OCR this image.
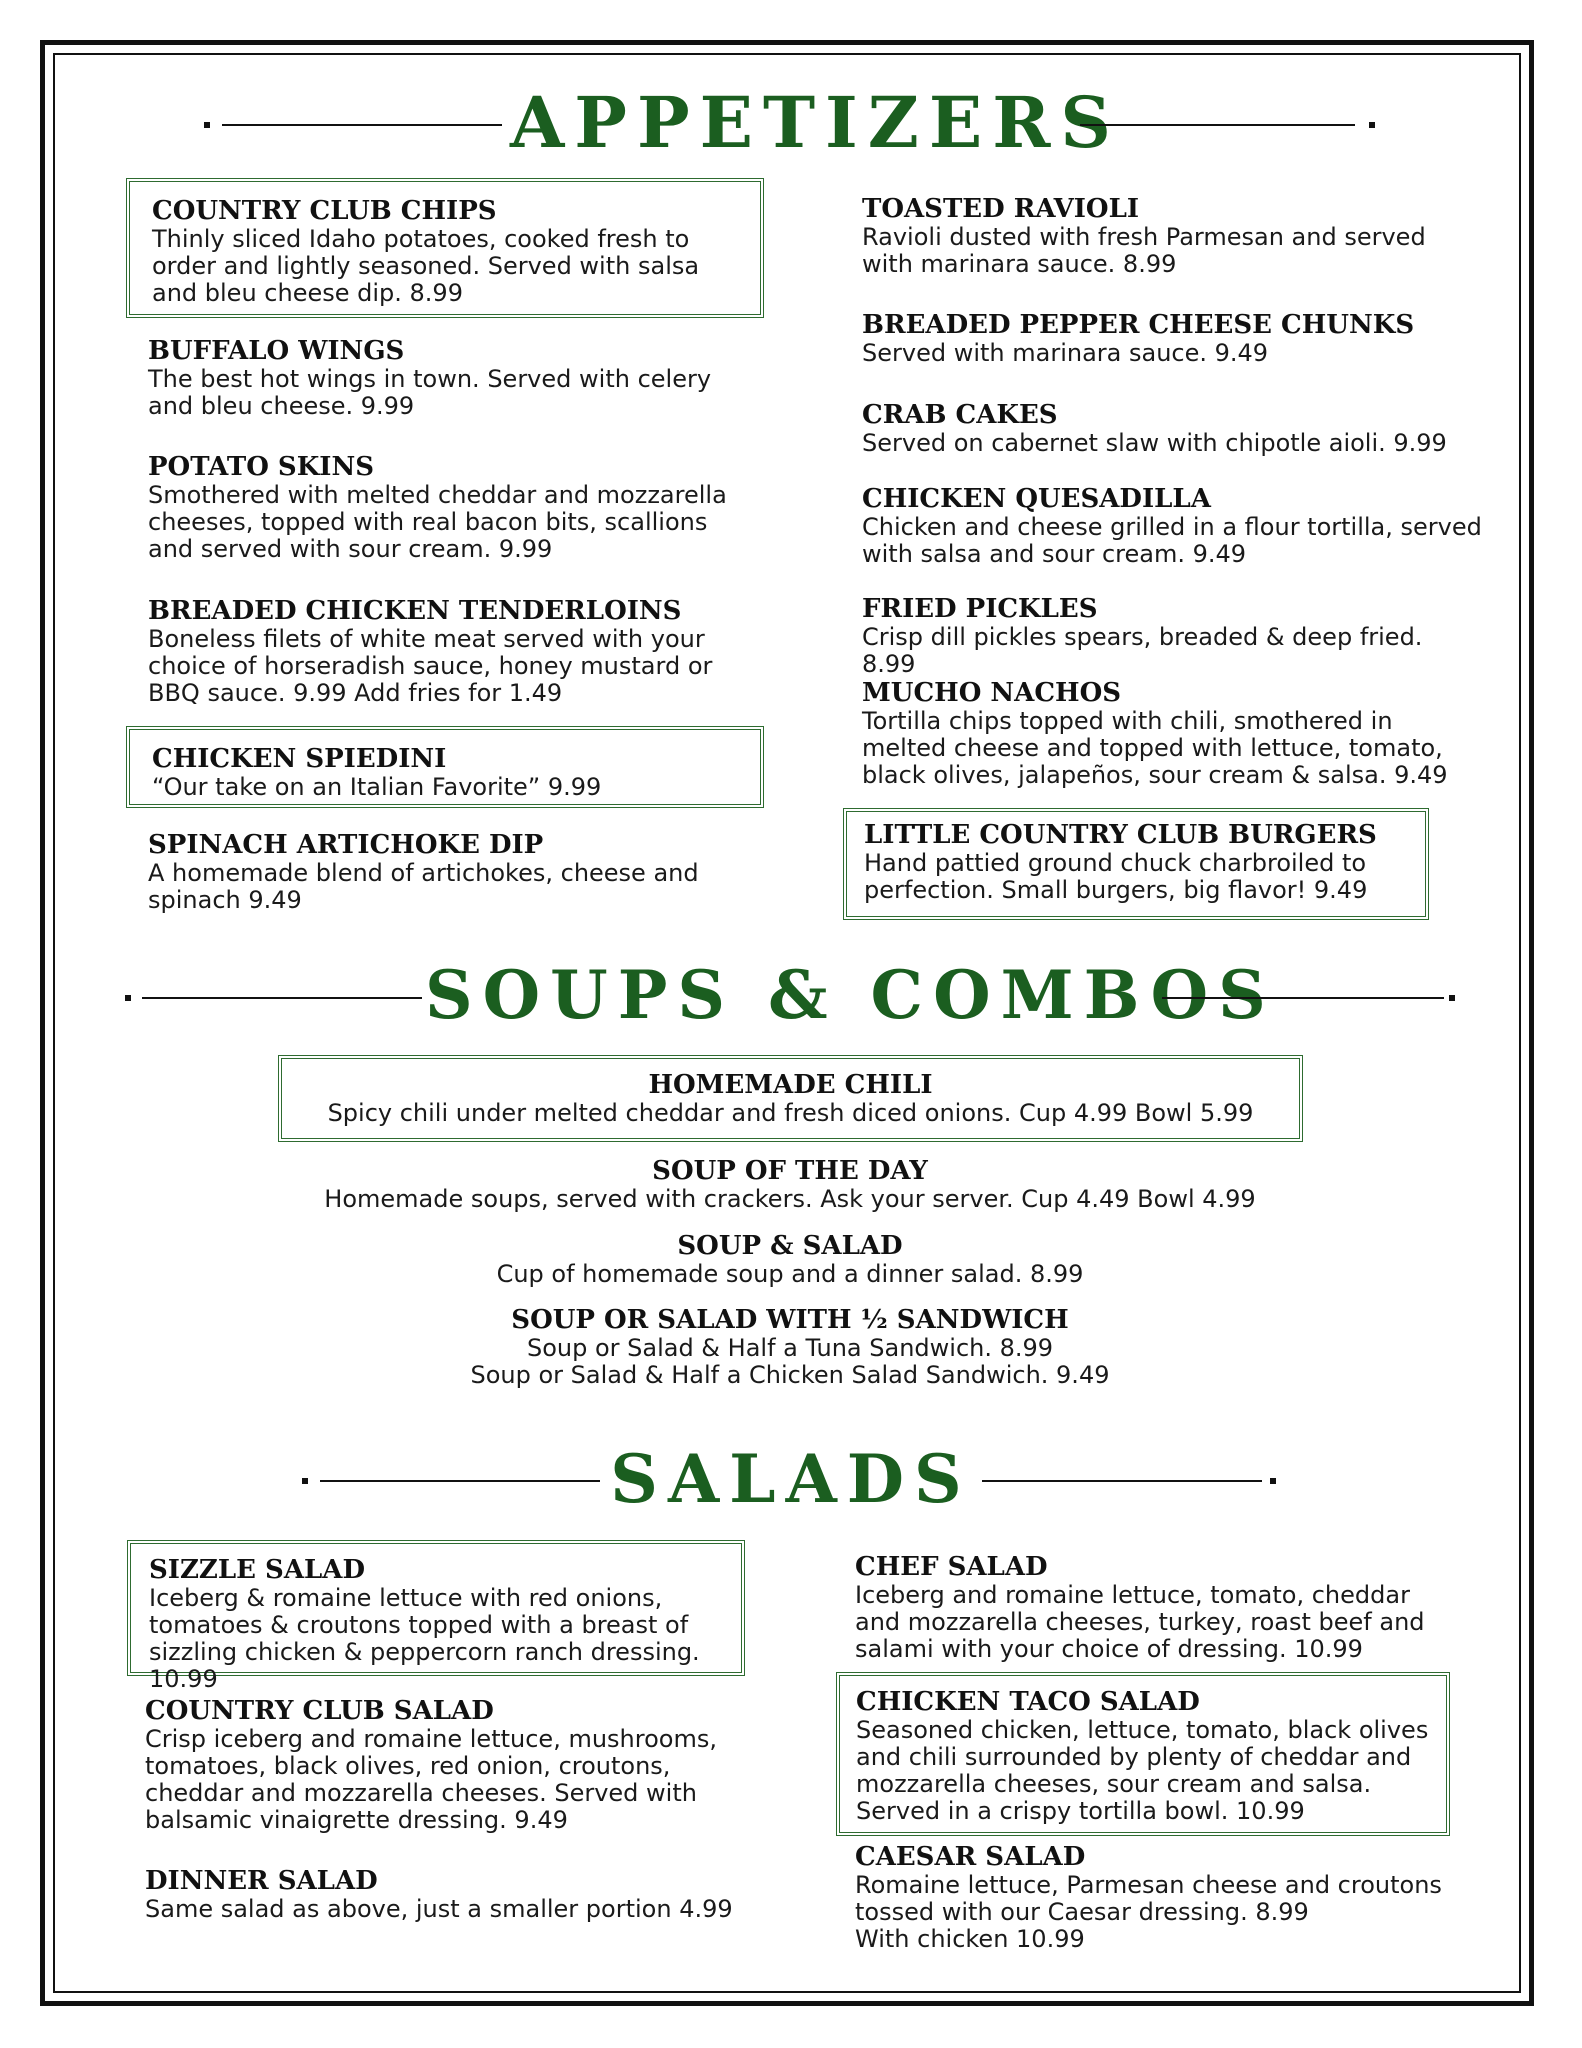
APPETIZERS

COUNTRY CLUB CHIPS

Thinly sliced Idaho potatoes, cooked fresh to order and lightly seasoned. Served with salsa and bleu cheese dip. 8.99

BUFFALO WINGS

The best hot wings in town. Served with celery and bleu cheese. 9.99

POTATO SKINS

Smothered with melted cheddar and mozzarella cheeses, topped with real bacon bits, scallions and served with sour cream. 9.99

BREADED CHICKEN TENDERLOINS

Boneless filets of white meat served with your choice of horseradish sauce, honey mustard or BBQ sauce. 9.99 Add fries for 1.49

CHICKEN SPIEDINI

“Our take on an Italian Favorite” 9.99

SPINACH ARTICHOKE DIP

A homemade blend of artichokes, cheese and spinach 9.49

TOASTED RAVIOLI

Ravioli dusted with fresh Parmesan and served with marinara sauce. 8.99

BREADED PEPPER CHEESE CHUNKS

Served with marinara sauce. 9.49

CRAB CAKES

Served on cabernet slaw with chipotle aioli. 9.99

CHICKEN QUESADILLA

Chicken and cheese grilled in a flour tortilla, served with salsa and sour cream. 9.49

FRIED PICKLES

Crisp dill pickles spears, breaded & deep fried. 8.99

MUCHO NACHOS

Tortilla chips topped with chili, smothered in melted cheese and topped with lettuce, tomato, black olives, jalapeños, sour cream & salsa. 9.49

LITTLE COUNTRY CLUB BURGERS

Hand pattied ground chuck charbroiled to perfection. Small burgers, big flavor! 9.49

SOUPS & COMBOS

HOMEMADE CHILI

Spicy chili under melted cheddar and fresh diced onions. Cup 4.99 Bowl 5.99

SOUP OF THE DAY

Homemade soups, served with crackers. Ask your server. Cup 4.49 Bowl 4.99

SOUP & SALAD

Cup of homemade soup and a dinner salad. 8.99

SOUP OR SALAD WITH ½ SANDWICH

Soup or Salad & Half a Tuna Sandwich. 8.99

Soup or Salad & Half a Chicken Salad Sandwich. 9.49

SALADS

SIZZLE SALAD

Iceberg & romaine lettuce with red onions, tomatoes & croutons topped with a breast of sizzling chicken & peppercorn ranch dressing. 10.99

COUNTRY CLUB SALAD

Crisp iceberg and romaine lettuce, mushrooms, tomatoes, black olives, red onion, croutons, cheddar and mozzarella cheeses. Served with balsamic vinaigrette dressing. 9.49

DINNER SALAD

Same salad as above, just a smaller portion 4.99

CHEF SALAD

Iceberg and romaine lettuce, tomato, cheddar and mozzarella cheeses, turkey, roast beef and salami with your choice of dressing. 10.99

CHICKEN TACO SALAD

Seasoned chicken, lettuce, tomato, black olives and chili surrounded by plenty of cheddar and mozzarella cheeses, sour cream and salsa. Served in a crispy tortilla bowl. 10.99

CAESAR SALAD

Romaine lettuce, Parmesan cheese and croutons tossed with our Caesar dressing. 8.99

With chicken 10.99
